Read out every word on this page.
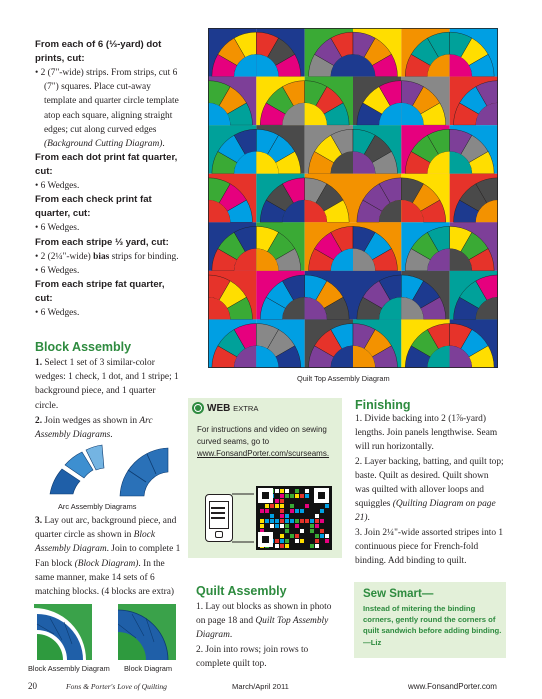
From each of 6 (⅓-yard) dot prints, cut:
• 2 (7"-wide) strips. From strips, cut 6 (7") squares. Place cut-away template and quarter circle template atop each square, aligning straight edges; cut along curved edges (Background Cutting Diagram).
From each dot print fat quarter, cut:
• 6 Wedges.
From each check print fat quarter, cut:
• 6 Wedges.
From each stripe ⅓ yard, cut:
• 2 (2¼"-wide) bias strips for binding.
• 6 Wedges.
From each stripe fat quarter, cut:
• 6 Wedges.
Block Assembly
1. Select 1 set of 3 similar-color wedges: 1 check, 1 dot, and 1 stripe; 1 background piece, and 1 quarter circle.
2. Join wedges as shown in Arc Assembly Diagrams.
Arc Assembly Diagrams
3. Lay out arc, background piece, and quarter circle as shown in Block Assembly Diagram. Join to complete 1 Fan block (Block Diagram). In the same manner, make 14 sets of 6 matching blocks. (4 blocks are extra)
Block Assembly Diagram Block Diagram
Quilt Top Assembly Diagram
WEB EXTRA
For instructions and video on sewing curved seams, go to www.FonsandPorter.com/scurseams.
Finishing
1. Divide backing into 2 (1⅞-yard) lengths. Join panels lengthwise. Seam will run horizontally.
2. Layer backing, batting, and quilt top; baste. Quilt as desired. Quilt shown was quilted with allover loops and squiggles (Quilting Diagram on page 21).
3. Join 2¼"-wide assorted stripes into 1 continuous piece for French-fold binding. Add binding to quilt.
Quilt Assembly
1. Lay out blocks as shown in photo on page 18 and Quilt Top Assembly Diagram.
2. Join into rows; join rows to complete quilt top.
Sew Smart—
Instead of mitering the binding corners, gently round the corners of quilt sandwich before adding binding. —Liz
20	Fons & Porter's Love of Quilting	March/April 2011	www.FonsandPorter.com
